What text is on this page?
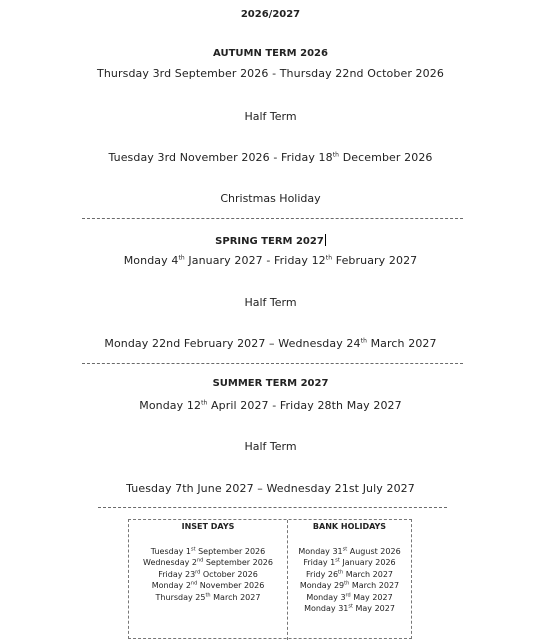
2026/2027
AUTUMN TERM 2026
Thursday 3rd September 2026 - Thursday 22nd October 2026
Half Term
Tuesday 3rd November 2026 - Friday 18th December 2026
Christmas Holiday
SPRING TERM 2027
Monday 4th January 2027 - Friday 12th February 2027
Half Term
Monday 22nd February 2027 – Wednesday 24th March 2027
SUMMER TERM 2027
Monday 12th April 2027 - Friday 28th May 2027
Half Term
Tuesday 7th June 2027 – Wednesday 21st July 2027
INSET DAYS
Tuesday 1st September 2026
Wednesday 2nd September 2026
Friday 23rd October 2026
Monday 2nd November 2026
Thursday 25th March 2027
BANK HOLIDAYS
Monday 31st August 2026
Friday 1st January 2026
Fridy 26th March 2027
Monday 29th March 2027
Monday 3rd May 2027
Monday 31st May 2027
